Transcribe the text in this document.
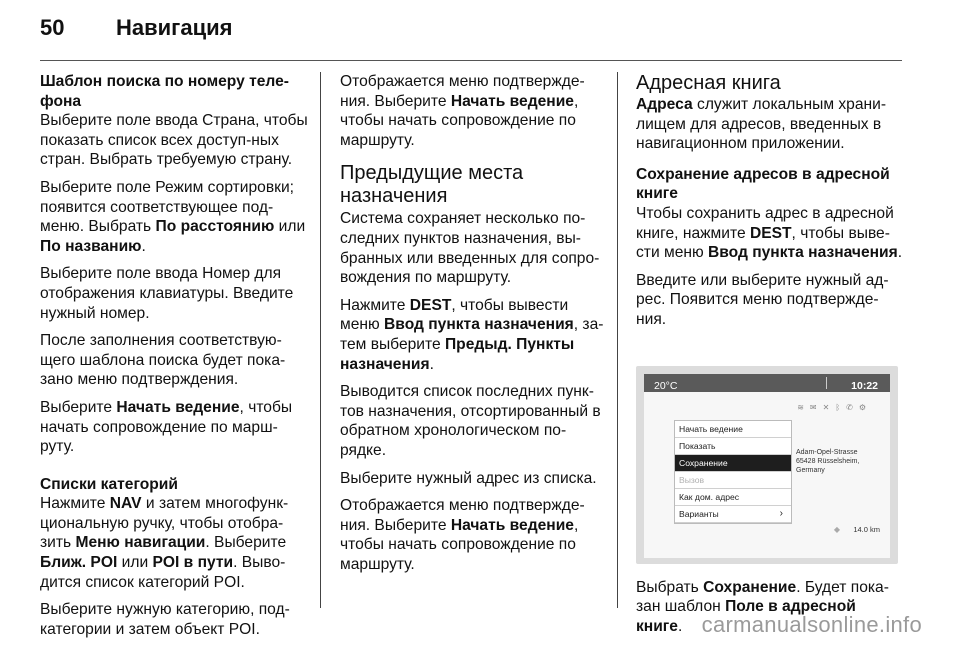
50	Навигация

Шаблон поиска по номеру теле-фона

Выберите поле ввода Страна, чтобы показать список всех доступ-ных стран. Выбрать требуемую страну.

Выберите поле Режим сортировки; появится соответствующее под-меню. Выбрать По расстоянию или По названию.

Выберите поле ввода Номер для отображения клавиатуры. Введите нужный номер.

После заполнения соответствую-щего шаблона поиска будет пока-зано меню подтверждения.

Выберите Начать ведение, чтобы начать сопровождение по марш-руту.

Списки категорий

Нажмите NAV и затем многофунк-циональную ручку, чтобы отобра-зить Меню навигации. Выберите Ближ. POI или POI в пути. Выво-дится список категорий POI.

Выберите нужную категорию, под-категории и затем объект POI.

Отображается меню подтвержде-ния. Выберите Начать ведение, чтобы начать сопровождение по маршруту.

Предыдущие места назначения

Система сохраняет несколько по-следних пунктов назначения, вы-бранных или введенных для сопро-вождения по маршруту.

Нажмите DEST, чтобы вывести меню Ввод пункта назначения, за-тем выберите Предыд. Пункты назначения.

Выводится список последних пунк-тов назначения, отсортированный в обратном хронологическом по-рядке.

Выберите нужный адрес из списка.

Отображается меню подтвержде-ния. Выберите Начать ведение, чтобы начать сопровождение по маршруту.

Адресная книга

Адреса служит локальным храни-лищем для адресов, введенных в навигационном приложении.

Сохранение адресов в адресной книге

Чтобы сохранить адрес в адресной книге, нажмите DEST, чтобы выве-сти меню Ввод пункта назначения.

Введите или выберите нужный ад-рес. Появится меню подтвержде-ния.

20°C	10:22
≋✉✕ᛒ✆⚙
Начать ведение
Показать
Сохранение
Вызов
Как дом. адрес
Варианты	›
Adam-Opel-Strasse
65428 Rüsselsheim, Germany
◆ 14.0 km

Выбрать Сохранение. Будет пока-зан шаблон Поле в адресной книге. carmanualsonline.info
